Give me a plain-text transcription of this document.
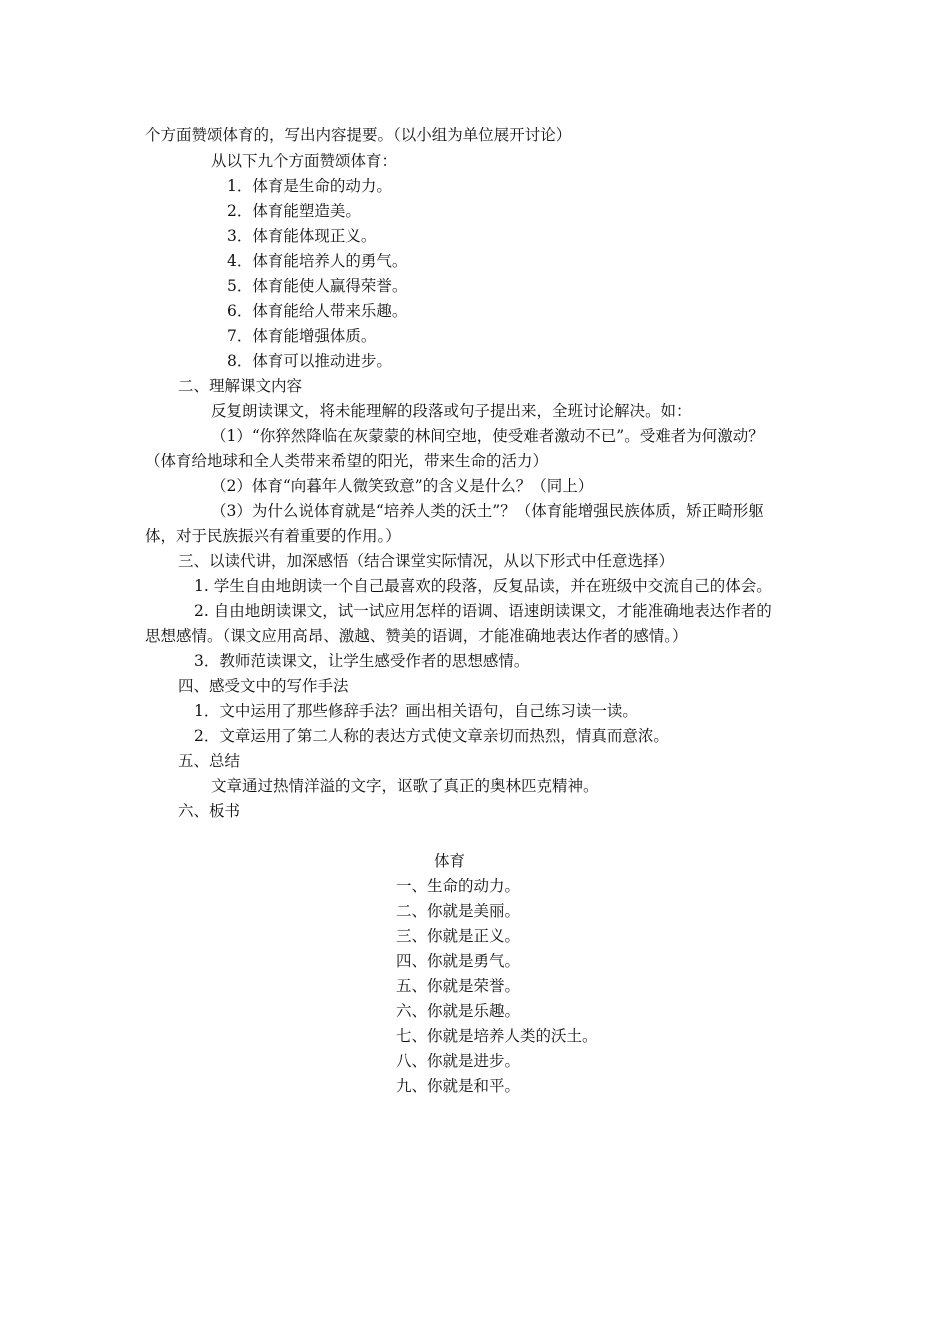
个方面赞颂体育的，写出内容提要。（以小组为单位展开讨论）
从以下九个方面赞颂体育：
1．体育是生命的动力。
2．体育能塑造美。
3．体育能体现正义。
4．体育能培养人的勇气。
5．体育能使人赢得荣誉。
6．体育能给人带来乐趣。
7．体育能增强体质。
8．体育可以推动进步。
二、理解课文内容
反复朗读课文，将未能理解的段落或句子提出来，全班讨论解决。如：
（1）“你猝然降临在灰蒙蒙的林间空地，使受难者激动不已”。受难者为何激动？
（体育给地球和全人类带来希望的阳光，带来生命的活力）
（2）体育“向暮年人微笑致意”的含义是什么？（同上）
（3）为什么说体育就是“培养人类的沃土”？（体育能增强民族体质，矫正畸形躯
体，对于民族振兴有着重要的作用。）
三、以读代讲，加深感悟（结合课堂实际情况，从以下形式中任意选择）
1. 学生自由地朗读一个自己最喜欢的段落，反复品读，并在班级中交流自己的体会。
2. 自由地朗读课文，试一试应用怎样的语调、语速朗读课文，才能准确地表达作者的
思想感情。（课文应用高昂、激越、赞美的语调，才能准确地表达作者的感情。）
3．教师范读课文，让学生感受作者的思想感情。
四、感受文中的写作手法
1．文中运用了那些修辞手法？画出相关语句，自己练习读一读。
2．文章运用了第二人称的表达方式使文章亲切而热烈，情真而意浓。
五、总结
文章通过热情洋溢的文字，讴歌了真正的奥林匹克精神。
六、板书
体育
一、生命的动力。
二、你就是美丽。
三、你就是正义。
四、你就是勇气。
五、你就是荣誉。
六、你就是乐趣。
七、你就是培养人类的沃土。
八、你就是进步。
九、你就是和平。
